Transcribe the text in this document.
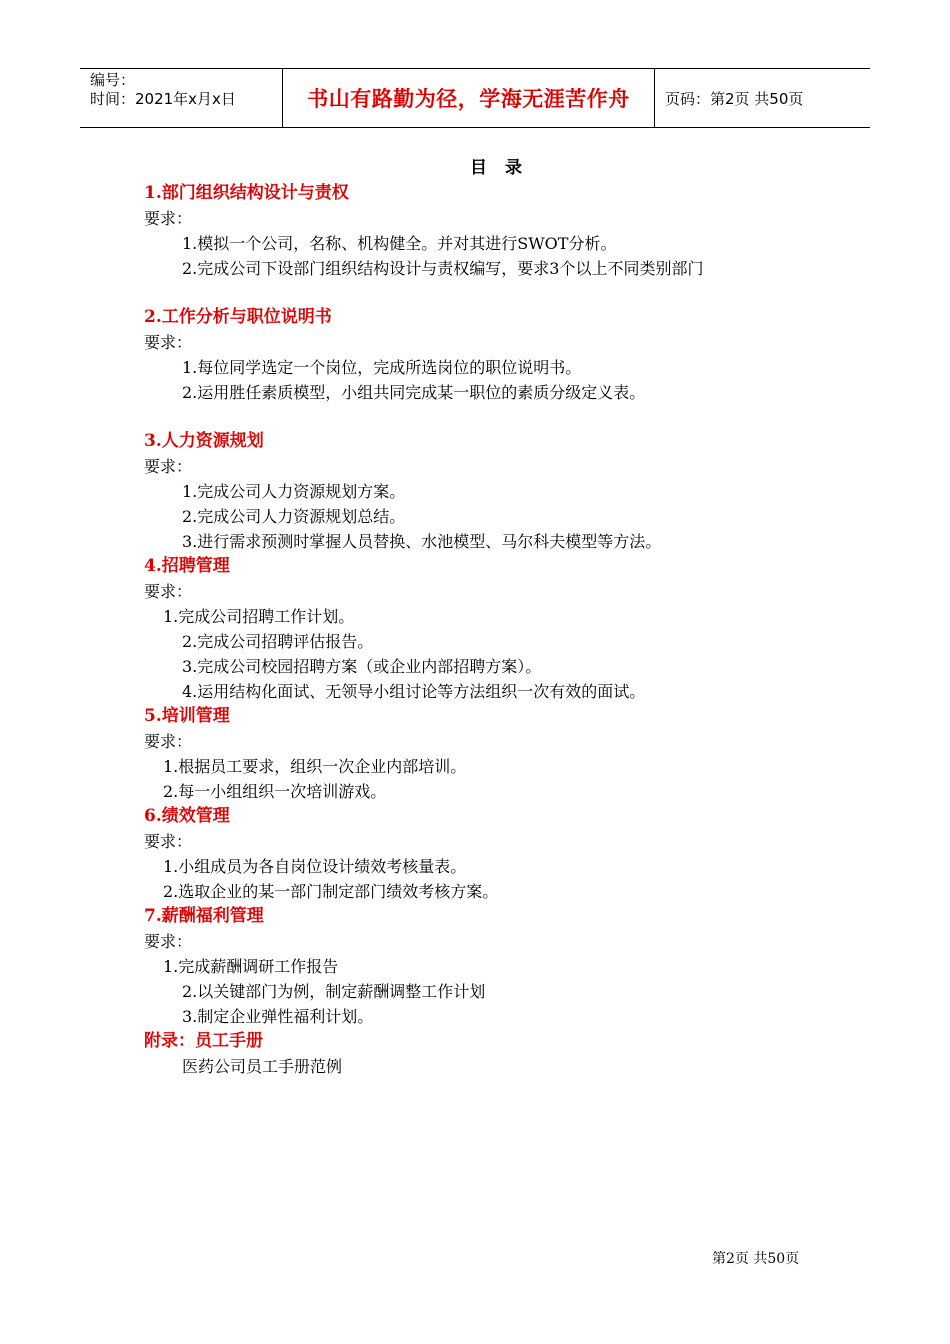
编号：
时间：2021年x月x日	书山有路勤为径，学海无涯苦作舟	页码：第2页 共50页
目 录
1.部门组织结构设计与责权
要求：
1.模拟一个公司，名称、机构健全。并对其进行SWOT分析。
2.完成公司下设部门组织结构设计与责权编写，要求3个以上不同类别部门
2.工作分析与职位说明书
要求：
1.每位同学选定一个岗位，完成所选岗位的职位说明书。
2.运用胜任素质模型，小组共同完成某一职位的素质分级定义表。
3.人力资源规划
要求：
1.完成公司人力资源规划方案。
2.完成公司人力资源规划总结。
3.进行需求预测时掌握人员替换、水池模型、马尔科夫模型等方法。
4.招聘管理
要求：
1.完成公司招聘工作计划。
2.完成公司招聘评估报告。
3.完成公司校园招聘方案（或企业内部招聘方案）。
4.运用结构化面试、无领导小组讨论等方法组织一次有效的面试。
5.培训管理
要求：
1.根据员工要求，组织一次企业内部培训。
2.每一小组组织一次培训游戏。
6.绩效管理
要求：
1.小组成员为各自岗位设计绩效考核量表。
2.选取企业的某一部门制定部门绩效考核方案。
7.薪酬福利管理
要求：
1.完成薪酬调研工作报告
2.以关键部门为例，制定薪酬调整工作计划
3.制定企业弹性福利计划。
附录：员工手册
医药公司员工手册范例
第2页 共50页
